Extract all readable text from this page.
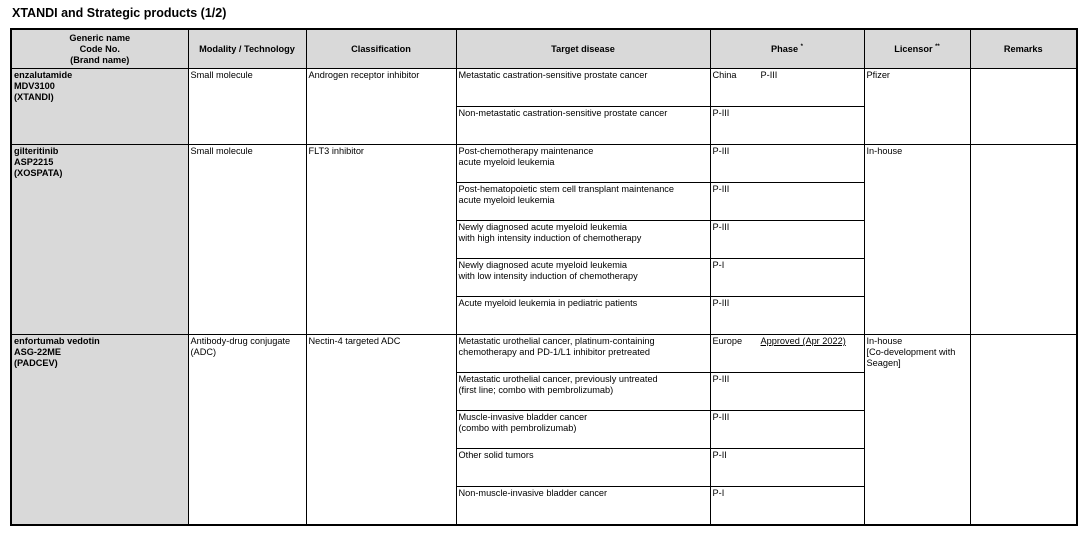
XTANDI and Strategic products (1/2)
Generic name
Code No.
(Brand name)	Modality / Technology	Classification	Target disease	Phase *	Licensor **	Remarks

enzalutamide
MDV3100
(XTANDI)	Small molecule	Androgen receptor inhibitor	Metastatic castration-sensitive prostate cancer	China P-III	Pfizer	

			Non-metastatic castration-sensitive prostate cancer	P-III		

gilteritinib
ASP2215
(XOSPATA)	Small molecule	FLT3 inhibitor	Post-chemotherapy maintenance
acute myeloid leukemia	P-III	In-house	

			Post-hematopoietic stem cell transplant maintenance
acute myeloid leukemia	P-III		

			Newly diagnosed acute myeloid leukemia
with high intensity induction of chemotherapy	P-III		

			Newly diagnosed acute myeloid leukemia
with low intensity induction of chemotherapy	P-I		

			Acute myeloid leukemia in pediatric patients	P-III		

enfortumab vedotin
ASG-22ME
(PADCEV)	Antibody-drug conjugate
(ADC)	Nectin-4 targeted ADC	Metastatic urothelial cancer, platinum-containing
chemotherapy and PD-1/L1 inhibitor pretreated	Europe Approved (Apr 2022)	In-house
[Co-development with
Seagen]	

			Metastatic urothelial cancer, previously untreated
(first line; combo with pembrolizumab)	P-III		

			Muscle-invasive bladder cancer
(combo with pembrolizumab)	P-III		

			Other solid tumors	P-II		

			Non-muscle-invasive bladder cancer	P-I		
